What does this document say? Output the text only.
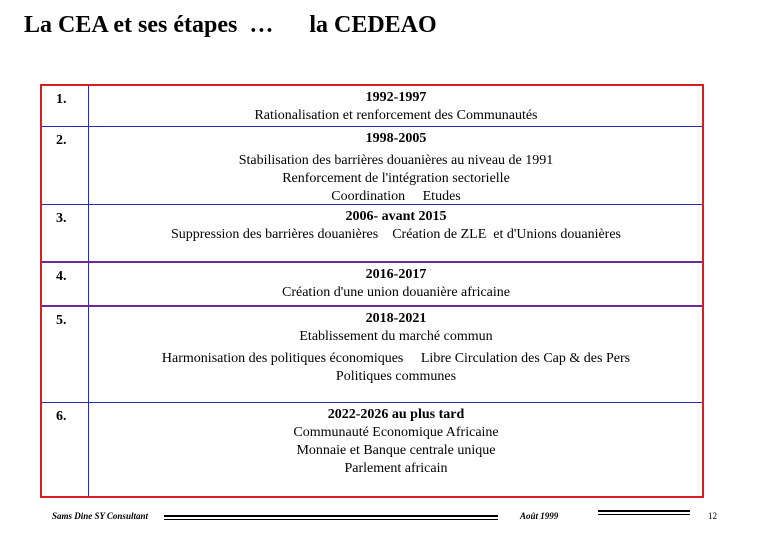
La CEA et ses étapes  …      la CEDEAO
1.	1992-1997
Rationalisation et renforcement des Communautés
2.	1998-2005
Stabilisation des barrières douanières au niveau de 1991
Renforcement de l'intégration sectorielle
Coordination     Etudes
3.	2006- avant 2015
Suppression des barrières douanières    Création de ZLE  et d'Unions douanières
4.	2016-2017
Création d'une union douanière africaine
5.	2018-2021
Etablissement du marché commun
Harmonisation des politiques économiques     Libre Circulation des Cap & des Pers
Politiques communes
6.	2022-2026 au plus tard
Communauté Economique Africaine
Monnaie et Banque centrale unique
Parlement africain
Sams Dine SY Consultant	Août 1999	12
